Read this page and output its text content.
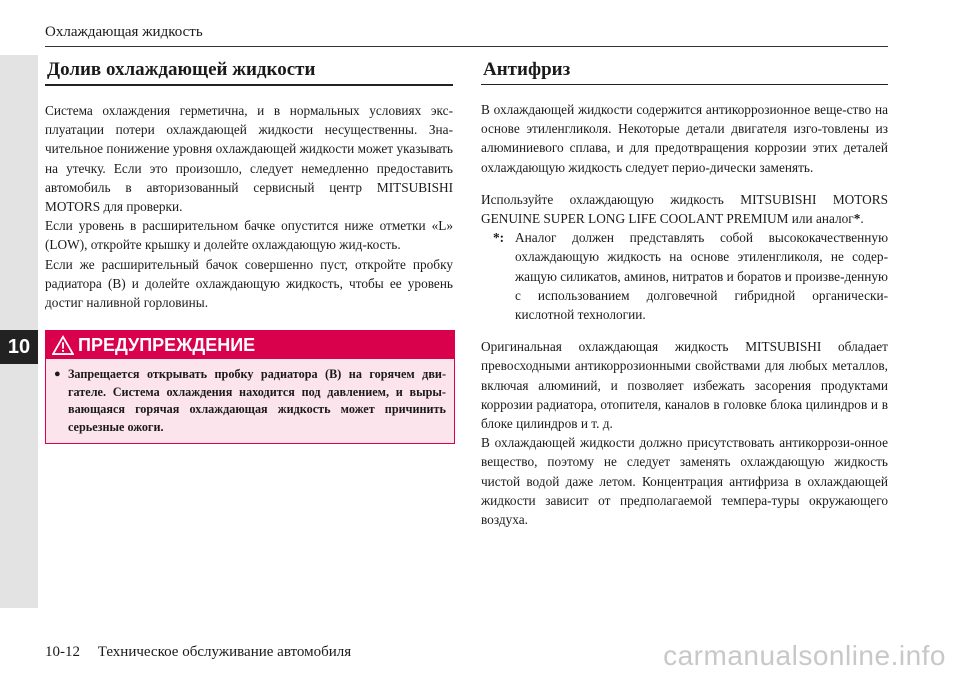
10
Охлаждающая жидкость
Долив охлаждающей жидкости

Система охлаждения герметична, и в нормальных условиях экс-плуатации потери охлаждающей жидкости несущественны. Зна-чительное понижение уровня охлаждающей жидкости может указывать на утечку. Если это произошло, следует немедленно предоставить автомобиль в авторизованный сервисный центр MITSUBISHI MOTORS для проверки.

Если уровень в расширительном бачке опустится ниже отметки «L» (LOW), откройте крышку и долейте охлаждающую жид-кость.

Если же расширительный бачок совершенно пуст, откройте пробку радиатора (B) и долейте охлаждающую жидкость, чтобы ее уровень достиг наливной горловины.

ПРЕДУПРЕЖДЕНИЕ
● Запрещается открывать пробку радиатора (B) на горячем дви-гателе. Система охлаждения находится под давлением, и выры-вающаяся горячая охлаждающая жидкость может причинить серьезные ожоги.
Антифриз

В охлаждающей жидкости содержится антикоррозионное веще-ство на основе этиленгликоля. Некоторые детали двигателя изго-товлены из алюминиевого сплава, и для предотвращения коррозии этих деталей охлаждающую жидкость следует перио-дически заменять.

Используйте охлаждающую жидкость MITSUBISHI MOTORS GENUINE SUPER LONG LIFE COOLANT PREMIUM или аналог*.

*: Аналог должен представлять собой высококачественную охлаждающую жидкость на основе этиленгликоля, не содер-жащую силикатов, аминов, нитратов и боратов и произве-денную с использованием долговечной гибридной органически-кислотной технологии.

Оригинальная охлаждающая жидкость MITSUBISHI обладает превосходными антикоррозионными свойствами для любых металлов, включая алюминий, и позволяет избежать засорения продуктами коррозии радиатора, отопителя, каналов в головке блока цилиндров и в блоке цилиндров и т. д.

В охлаждающей жидкости должно присутствовать антикоррози-онное вещество, поэтому не следует заменять охлаждающую жидкость чистой водой даже летом. Концентрация антифриза в охлаждающей жидкости зависит от предполагаемой темпера-туры окружающего воздуха.

10-12 Техническое обслуживание автомобиля	carmanualsonline.info
